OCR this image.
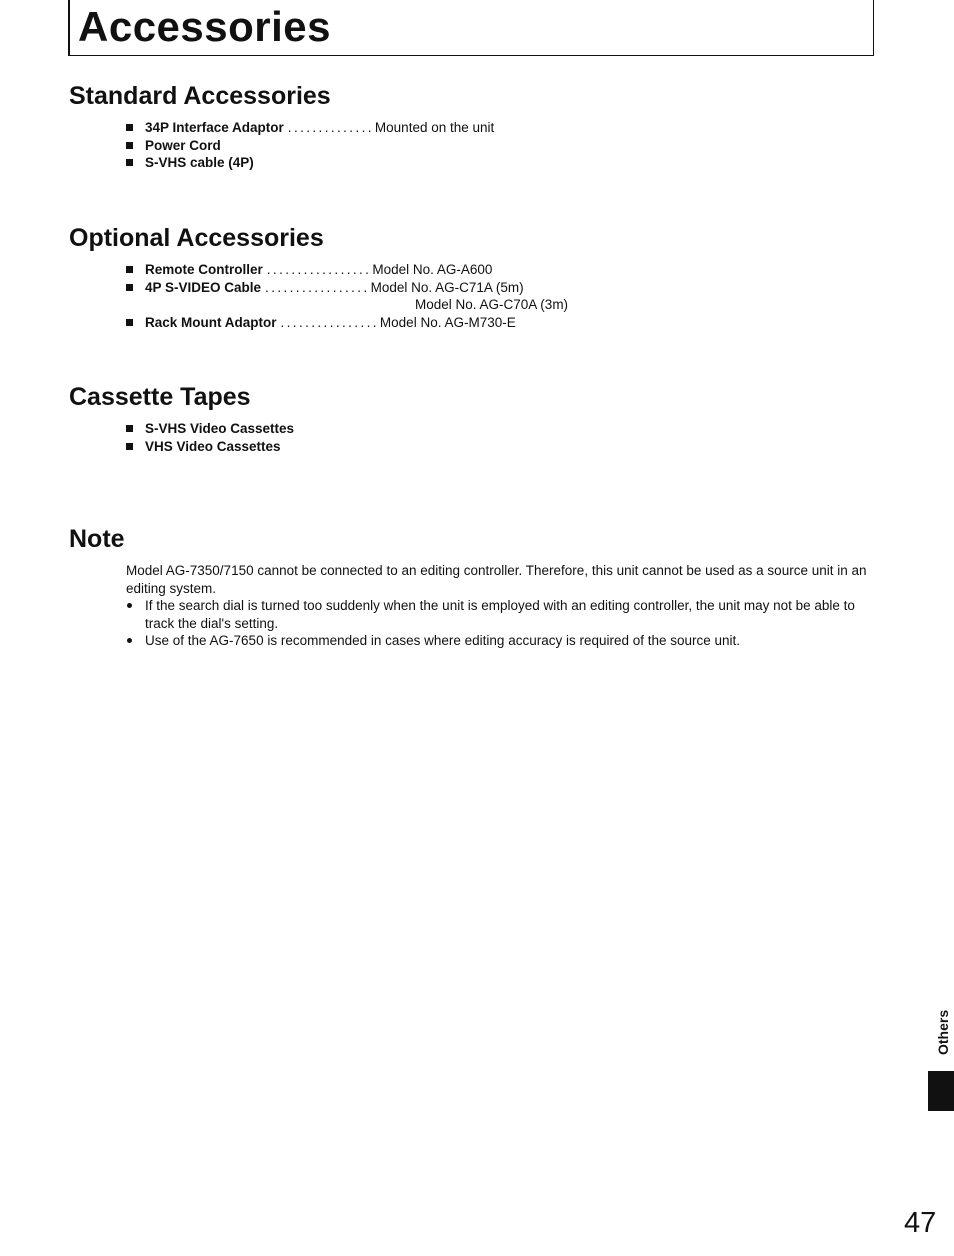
Accessories
Standard Accessories
34P Interface Adaptor .............. Mounted on the unit
Power Cord
S-VHS cable (4P)
Optional Accessories
Remote Controller ................. Model No. AG-A600
4P S-VIDEO Cable ................. Model No. AG-C71A (5m)
Model No. AG-C70A (3m)
Rack Mount Adaptor ................ Model No. AG-M730-E
Cassette Tapes
S-VHS Video Cassettes
VHS Video Cassettes
Note

Model AG-7350/7150 cannot be connected to an editing controller. Therefore, this unit cannot be used as a source unit in an editing system.

If the search dial is turned too suddenly when the unit is employed with an editing controller, the unit may not be able to track the dial's setting.
Use of the AG-7650 is recommended in cases where editing accuracy is required of the source unit.
Others
47
